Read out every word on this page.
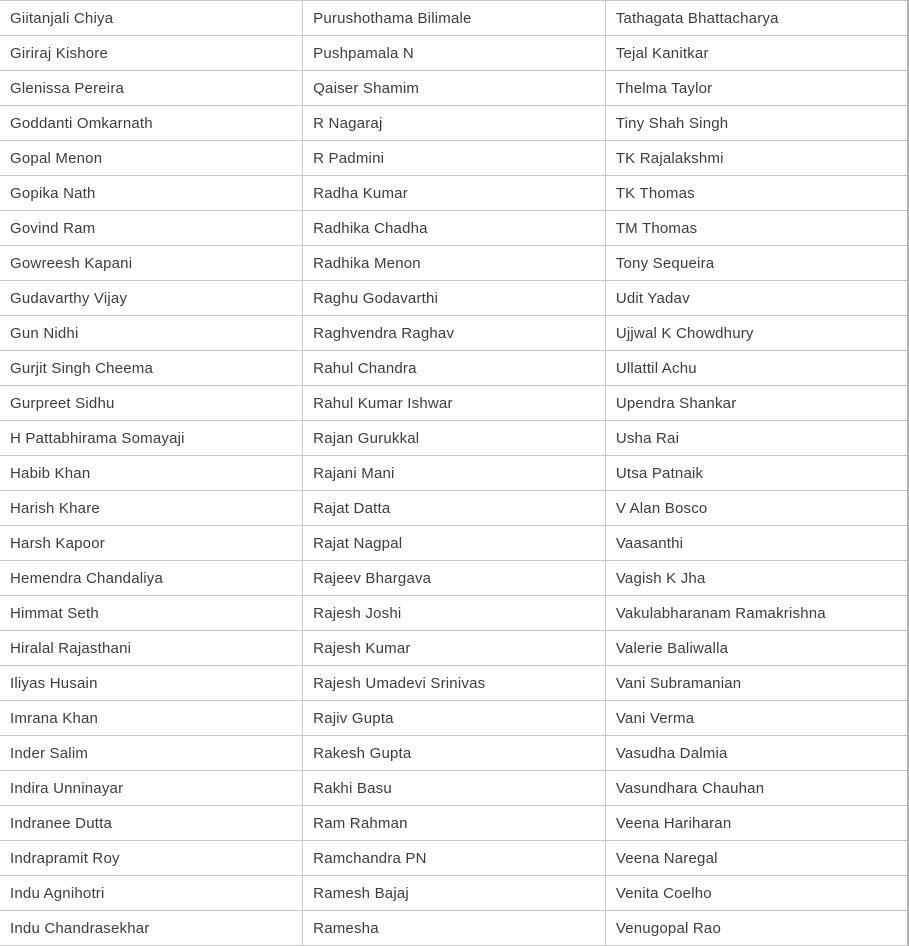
Giitanjali Chiya	Purushothama Bilimale	Tathagata Bhattacharya
Giriraj Kishore	Pushpamala N	Tejal Kanitkar
Glenissa Pereira	Qaiser Shamim	Thelma Taylor
Goddanti Omkarnath	R Nagaraj	Tiny Shah Singh
Gopal Menon	R Padmini	TK Rajalakshmi
Gopika Nath	Radha Kumar	TK Thomas
Govind Ram	Radhika Chadha	TM Thomas
Gowreesh Kapani	Radhika Menon	Tony Sequeira
Gudavarthy Vijay	Raghu Godavarthi	Udit Yadav
Gun Nidhi	Raghvendra Raghav	Ujjwal K Chowdhury
Gurjit Singh Cheema	Rahul Chandra	Ullattil Achu
Gurpreet Sidhu	Rahul Kumar Ishwar	Upendra Shankar
H Pattabhirama Somayaji	Rajan Gurukkal	Usha Rai
Habib Khan	Rajani Mani	Utsa Patnaik
Harish Khare	Rajat Datta	V Alan Bosco
Harsh Kapoor	Rajat Nagpal	Vaasanthi
Hemendra Chandaliya	Rajeev Bhargava	Vagish K Jha
Himmat Seth	Rajesh Joshi	Vakulabharanam Ramakrishna
Hiralal Rajasthani	Rajesh Kumar	Valerie Baliwalla
Iliyas Husain	Rajesh Umadevi Srinivas	Vani Subramanian
Imrana Khan	Rajiv Gupta	Vani Verma
Inder Salim	Rakesh Gupta	Vasudha Dalmia
Indira Unninayar	Rakhi Basu	Vasundhara Chauhan
Indranee Dutta	Ram Rahman	Veena Hariharan
Indrapramit Roy	Ramchandra PN	Veena Naregal
Indu Agnihotri	Ramesh Bajaj	Venita Coelho
Indu Chandrasekhar	Ramesha	Venugopal Rao
